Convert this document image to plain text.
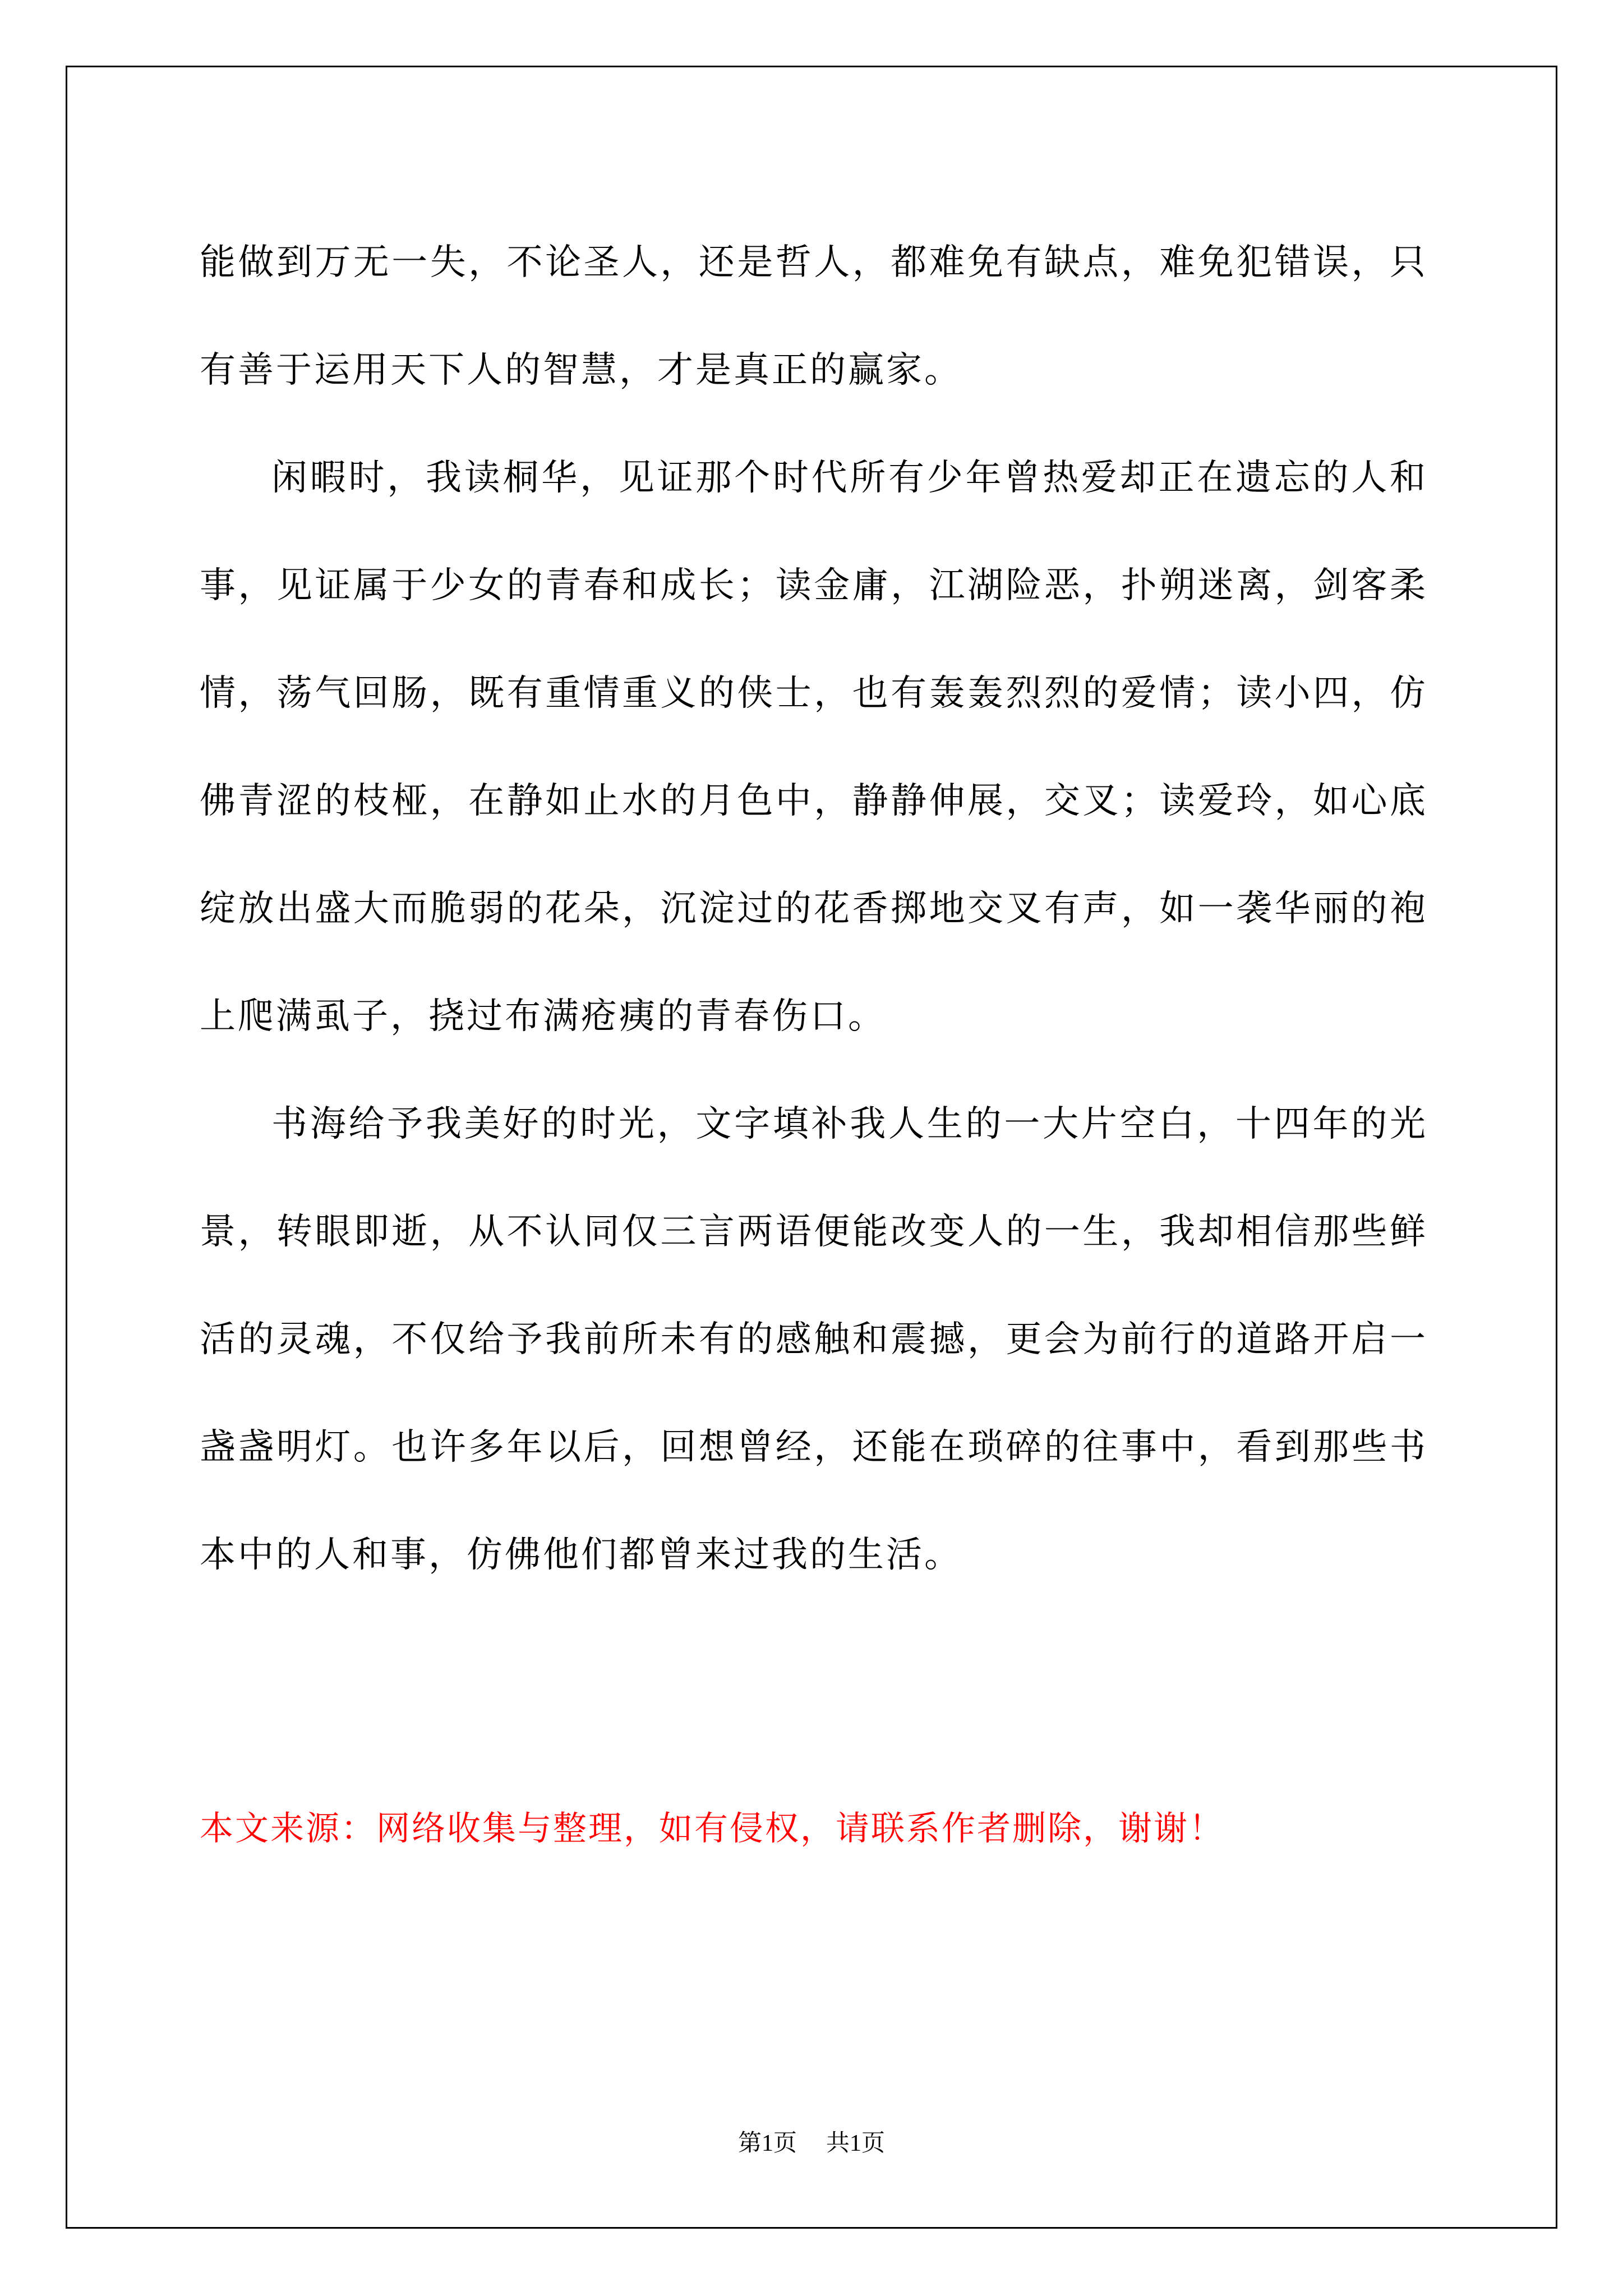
能做到万无一失，不论圣人，还是哲人，都难免有缺点，难免犯错误，只有善于运用天下人的智慧，才是真正的赢家。

闲暇时，我读桐华，见证那个时代所有少年曾热爱却正在遗忘的人和事，见证属于少女的青春和成长；读金庸，江湖险恶，扑朔迷离，剑客柔情，荡气回肠，既有重情重义的侠士，也有轰轰烈烈的爱情；读小四，仿佛青涩的枝桠，在静如止水的月色中，静静伸展，交叉；读爱玲，如心底绽放出盛大而脆弱的花朵，沉淀过的花香掷地交叉有声，如一袭华丽的袍上爬满虱子，挠过布满疮痍的青春伤口。

书海给予我美好的时光，文字填补我人生的一大片空白，十四年的光景，转眼即逝，从不认同仅三言两语便能改变人的一生，我却相信那些鲜活的灵魂，不仅给予我前所未有的感触和震撼，更会为前行的道路开启一盏盏明灯。也许多年以后，回想曾经，还能在琐碎的往事中，看到那些书本中的人和事，仿佛他们都曾来过我的生活。

本文来源：网络收集与整理，如有侵权，请联系作者删除，谢谢！
第1页 共1页
